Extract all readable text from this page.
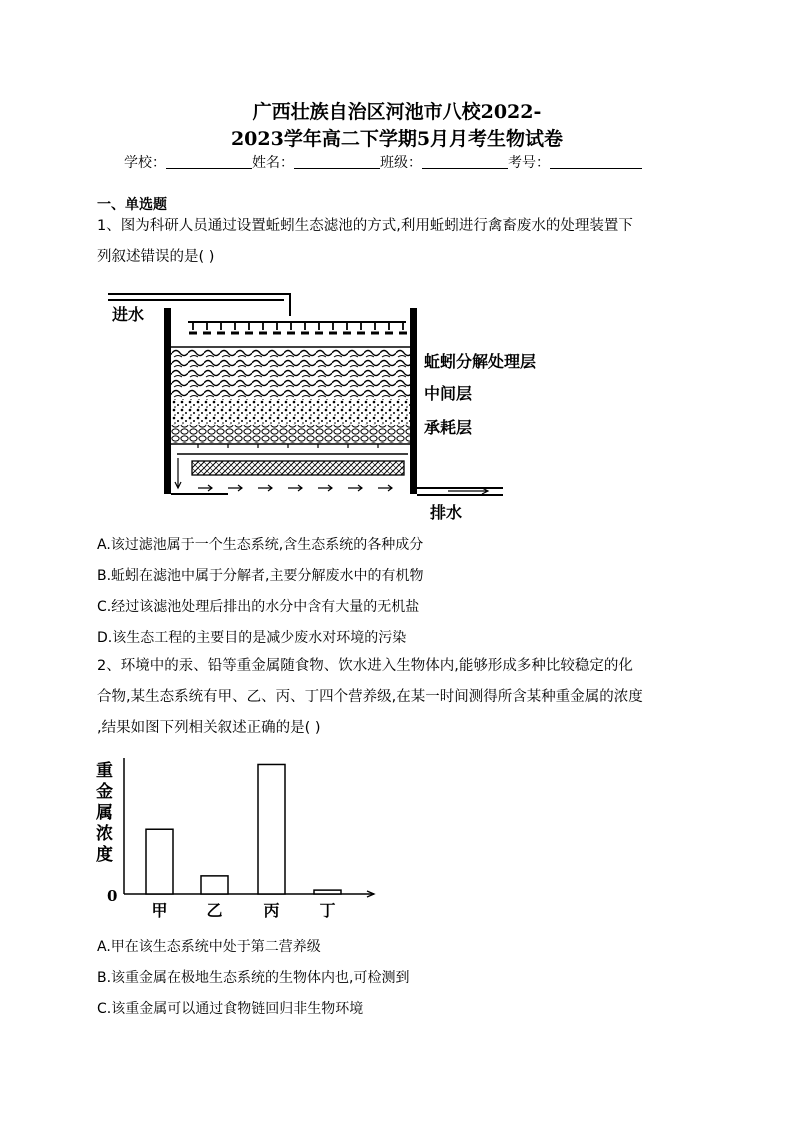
广西壮族自治区河池市八校2022-
2023学年高二下学期5月月考生物试卷
学校：	姓名：	班级：	考号：
一、单选题
1、图为科研人员通过设置蚯蚓生态滤池的方式,利用蚯蚓进行禽畜废水的处理装置下
列叙述错误的是( )
进水
排水
蚯蚓分解处理层
中间层
承耗层
A.该过滤池属于一个生态系统,含生态系统的各种成分
B.蚯蚓在滤池中属于分解者,主要分解废水中的有机物
C.经过该滤池处理后排出的水分中含有大量的无机盐
D.该生态工程的主要目的是减少废水对环境的污染
2、环境中的汞、铅等重金属随食物、饮水进入生物体内,能够形成多种比较稳定的化
合物,某生态系统有甲、乙、丙、丁四个营养级,在某一时间测得所含某种重金属的浓度
,结果如图下列相关叙述正确的是( )
重
金
属
浓
度
0
甲 乙	丙 丁
A.甲在该生态系统中处于第二营养级
B.该重金属在极地生态系统的生物体内也,可检测到
C.该重金属可以通过食物链回归非生物环境
